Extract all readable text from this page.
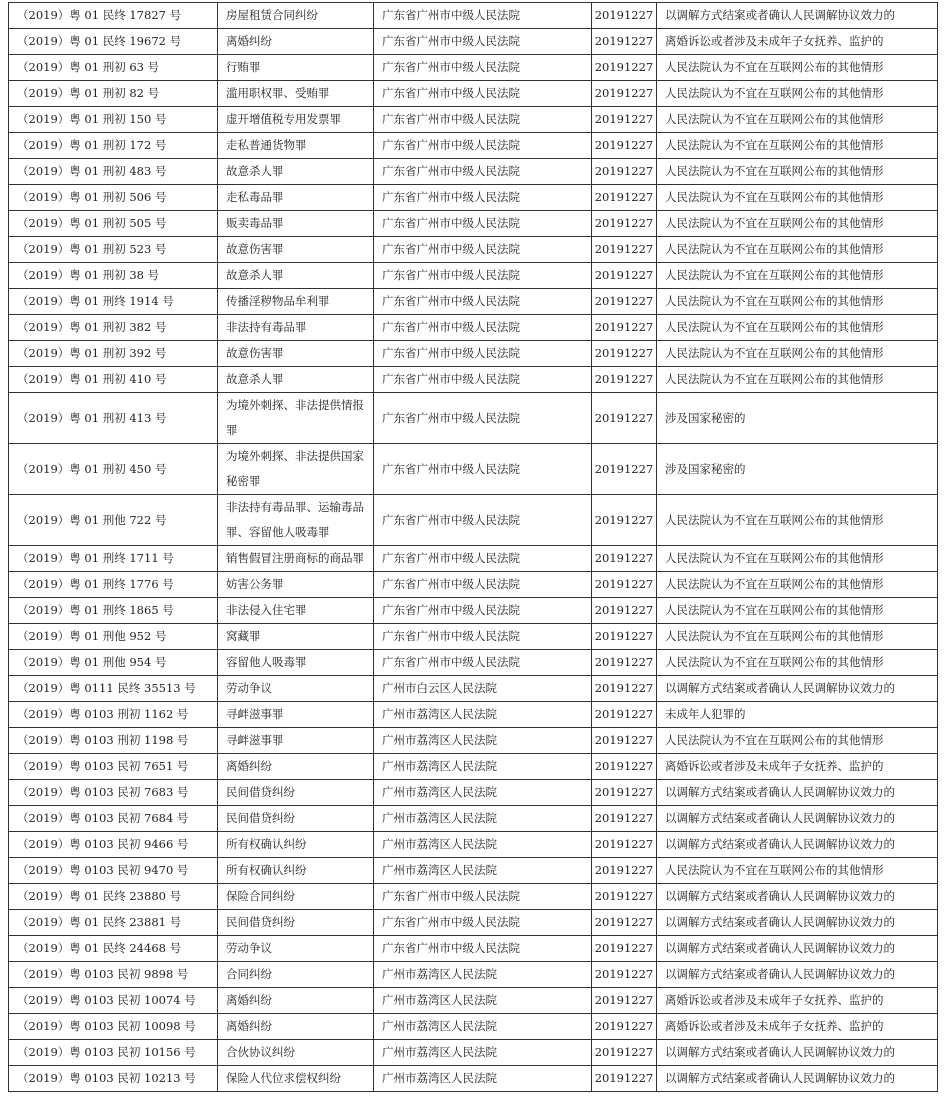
（2019）粤 01 民终 17827 号	房屋租赁合同纠纷	广东省广州市中级人民法院	20191227	以调解方式结案或者确认人民调解协议效力的
（2019）粤 01 民终 19672 号	离婚纠纷	广东省广州市中级人民法院	20191227	离婚诉讼或者涉及未成年子女抚养、监护的
（2019）粤 01 刑初 63 号	行贿罪	广东省广州市中级人民法院	20191227	人民法院认为不宜在互联网公布的其他情形
（2019）粤 01 刑初 82 号	滥用职权罪、受贿罪	广东省广州市中级人民法院	20191227	人民法院认为不宜在互联网公布的其他情形
（2019）粤 01 刑初 150 号	虚开增值税专用发票罪	广东省广州市中级人民法院	20191227	人民法院认为不宜在互联网公布的其他情形
（2019）粤 01 刑初 172 号	走私普通货物罪	广东省广州市中级人民法院	20191227	人民法院认为不宜在互联网公布的其他情形
（2019）粤 01 刑初 483 号	故意杀人罪	广东省广州市中级人民法院	20191227	人民法院认为不宜在互联网公布的其他情形
（2019）粤 01 刑初 506 号	走私毒品罪	广东省广州市中级人民法院	20191227	人民法院认为不宜在互联网公布的其他情形
（2019）粤 01 刑初 505 号	贩卖毒品罪	广东省广州市中级人民法院	20191227	人民法院认为不宜在互联网公布的其他情形
（2019）粤 01 刑初 523 号	故意伤害罪	广东省广州市中级人民法院	20191227	人民法院认为不宜在互联网公布的其他情形
（2019）粤 01 刑初 38 号	故意杀人罪	广东省广州市中级人民法院	20191227	人民法院认为不宜在互联网公布的其他情形
（2019）粤 01 刑终 1914 号	传播淫秽物品牟利罪	广东省广州市中级人民法院	20191227	人民法院认为不宜在互联网公布的其他情形
（2019）粤 01 刑初 382 号	非法持有毒品罪	广东省广州市中级人民法院	20191227	人民法院认为不宜在互联网公布的其他情形
（2019）粤 01 刑初 392 号	故意伤害罪	广东省广州市中级人民法院	20191227	人民法院认为不宜在互联网公布的其他情形
（2019）粤 01 刑初 410 号	故意杀人罪	广东省广州市中级人民法院	20191227	人民法院认为不宜在互联网公布的其他情形
（2019）粤 01 刑初 413 号	为境外刺探、非法提供情报罪	广东省广州市中级人民法院	20191227	涉及国家秘密的
（2019）粤 01 刑初 450 号	为境外刺探、非法提供国家秘密罪	广东省广州市中级人民法院	20191227	涉及国家秘密的
（2019）粤 01 刑他 722 号	非法持有毒品罪、运输毒品罪、容留他人吸毒罪	广东省广州市中级人民法院	20191227	人民法院认为不宜在互联网公布的其他情形
（2019）粤 01 刑终 1711 号	销售假冒注册商标的商品罪	广东省广州市中级人民法院	20191227	人民法院认为不宜在互联网公布的其他情形
（2019）粤 01 刑终 1776 号	妨害公务罪	广东省广州市中级人民法院	20191227	人民法院认为不宜在互联网公布的其他情形
（2019）粤 01 刑终 1865 号	非法侵入住宅罪	广东省广州市中级人民法院	20191227	人民法院认为不宜在互联网公布的其他情形
（2019）粤 01 刑他 952 号	窝藏罪	广东省广州市中级人民法院	20191227	人民法院认为不宜在互联网公布的其他情形
（2019）粤 01 刑他 954 号	容留他人吸毒罪	广东省广州市中级人民法院	20191227	人民法院认为不宜在互联网公布的其他情形
（2019）粤 0111 民终 35513 号	劳动争议	广州市白云区人民法院	20191227	以调解方式结案或者确认人民调解协议效力的
（2019）粤 0103 刑初 1162 号	寻衅滋事罪	广州市荔湾区人民法院	20191227	未成年人犯罪的
（2019）粤 0103 刑初 1198 号	寻衅滋事罪	广州市荔湾区人民法院	20191227	人民法院认为不宜在互联网公布的其他情形
（2019）粤 0103 民初 7651 号	离婚纠纷	广州市荔湾区人民法院	20191227	离婚诉讼或者涉及未成年子女抚养、监护的
（2019）粤 0103 民初 7683 号	民间借贷纠纷	广州市荔湾区人民法院	20191227	以调解方式结案或者确认人民调解协议效力的
（2019）粤 0103 民初 7684 号	民间借贷纠纷	广州市荔湾区人民法院	20191227	以调解方式结案或者确认人民调解协议效力的
（2019）粤 0103 民初 9466 号	所有权确认纠纷	广州市荔湾区人民法院	20191227	以调解方式结案或者确认人民调解协议效力的
（2019）粤 0103 民初 9470 号	所有权确认纠纷	广州市荔湾区人民法院	20191227	人民法院认为不宜在互联网公布的其他情形
（2019）粤 01 民终 23880 号	保险合同纠纷	广东省广州市中级人民法院	20191227	以调解方式结案或者确认人民调解协议效力的
（2019）粤 01 民终 23881 号	民间借贷纠纷	广东省广州市中级人民法院	20191227	以调解方式结案或者确认人民调解协议效力的
（2019）粤 01 民终 24468 号	劳动争议	广东省广州市中级人民法院	20191227	以调解方式结案或者确认人民调解协议效力的
（2019）粤 0103 民初 9898 号	合同纠纷	广州市荔湾区人民法院	20191227	以调解方式结案或者确认人民调解协议效力的
（2019）粤 0103 民初 10074 号	离婚纠纷	广州市荔湾区人民法院	20191227	离婚诉讼或者涉及未成年子女抚养、监护的
（2019）粤 0103 民初 10098 号	离婚纠纷	广州市荔湾区人民法院	20191227	离婚诉讼或者涉及未成年子女抚养、监护的
（2019）粤 0103 民初 10156 号	合伙协议纠纷	广州市荔湾区人民法院	20191227	以调解方式结案或者确认人民调解协议效力的
（2019）粤 0103 民初 10213 号	保险人代位求偿权纠纷	广州市荔湾区人民法院	20191227	以调解方式结案或者确认人民调解协议效力的
